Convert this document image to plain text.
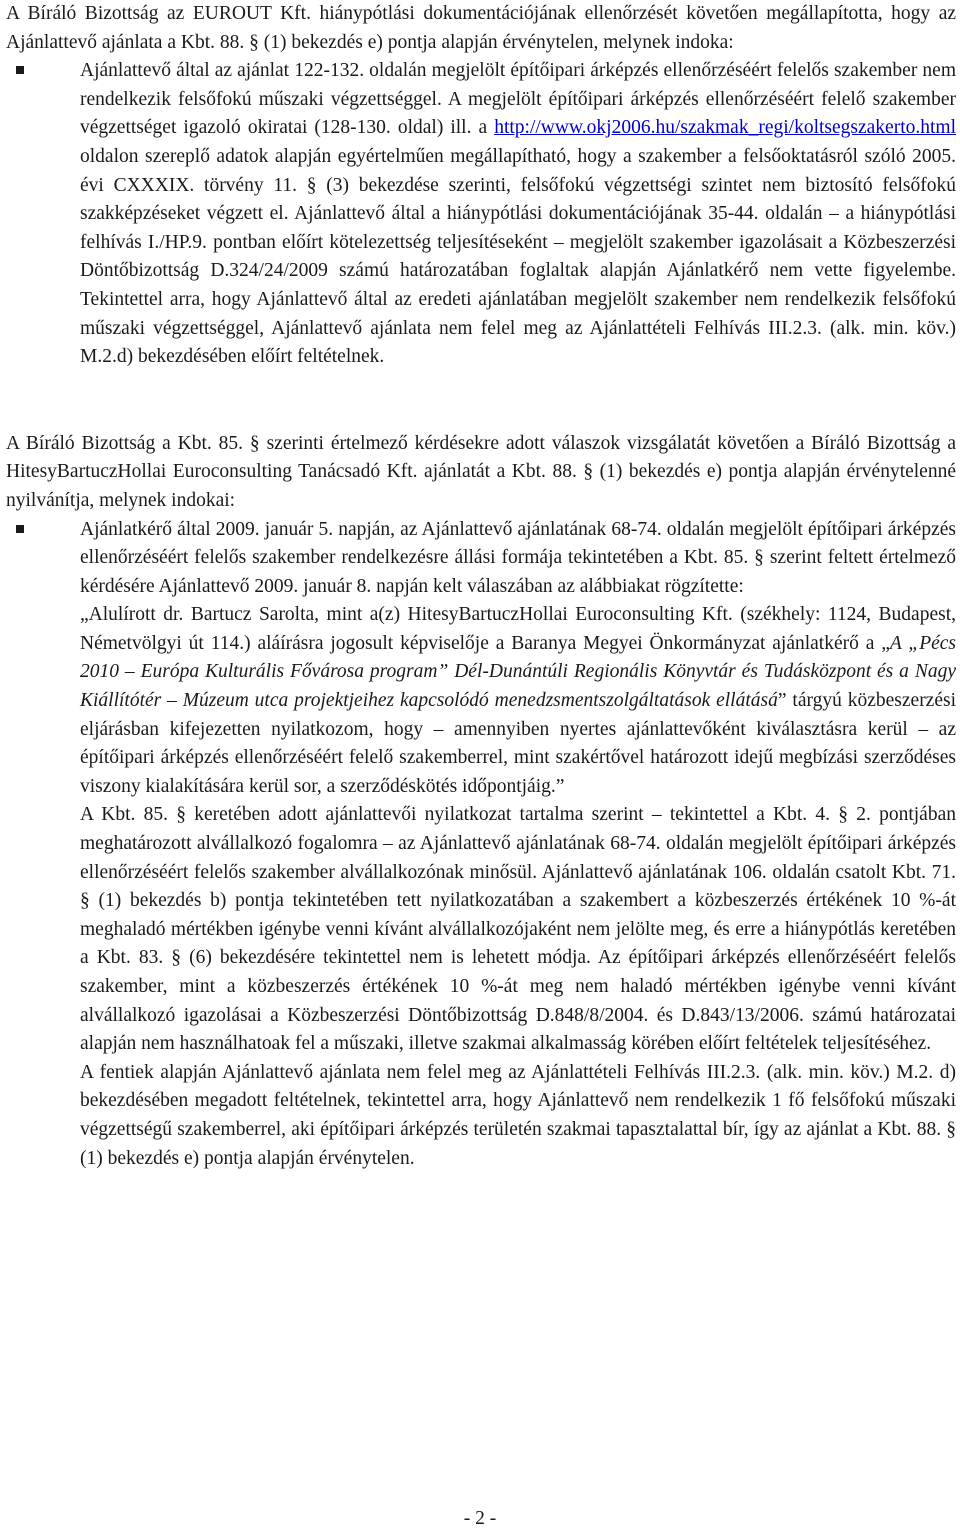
A Bíráló Bizottság az EUROUT Kft. hiánypótlási dokumentációjának ellenőrzését követően megállapította, hogy az Ajánlattevő ajánlata a Kbt. 88. § (1) bekezdés e) pontja alapján érvénytelen, melynek indoka:

Ajánlattevő által az ajánlat 122-132. oldalán megjelölt építőipari árképzés ellenőrzéséért felelős szakember nem rendelkezik felsőfokú műszaki végzettséggel. A megjelölt építőipari árképzés ellenőrzéséért felelő szakember végzettséget igazoló okiratai (128-130. oldal) ill. a http://www.okj2006.hu/szakmak_regi/koltsegszakerto.html oldalon szereplő adatok alapján egyértelműen megállapítható, hogy a szakember a felsőoktatásról szóló 2005. évi CXXXIX. törvény 11. § (3) bekezdése szerinti, felsőfokú végzettségi szintet nem biztosító felsőfokú szakképzéseket végzett el. Ajánlattevő által a hiánypótlási dokumentációjának 35-44. oldalán – a hiánypótlási felhívás I./HP.9. pontban előírt kötelezettség teljesítéseként – megjelölt szakember igazolásait a Közbeszerzési Döntőbizottság D.324/24/2009 számú határozatában foglaltak alapján Ajánlatkérő nem vette figyelembe. Tekintettel arra, hogy Ajánlattevő által az eredeti ajánlatában megjelölt szakember nem rendelkezik felsőfokú műszaki végzettséggel, Ajánlattevő ajánlata nem felel meg az Ajánlattételi Felhívás III.2.3. (alk. min. köv.) M.2.d) bekezdésében előírt feltételnek.

A Bíráló Bizottság a Kbt. 85. § szerinti értelmező kérdésekre adott válaszok vizsgálatát követően a Bíráló Bizottság a HitesyBartuczHollai Euroconsulting Tanácsadó Kft. ajánlatát a Kbt. 88. § (1) bekezdés e) pontja alapján érvénytelenné nyilvánítja, melynek indokai:

Ajánlatkérő által 2009. január 5. napján, az Ajánlattevő ajánlatának 68-74. oldalán megjelölt építőipari árképzés ellenőrzéséért felelős szakember rendelkezésre állási formája tekintetében a Kbt. 85. § szerint feltett értelmező kérdésére Ajánlattevő 2009. január 8. napján kelt válaszában az alábbiakat rögzítette:

„Alulírott dr. Bartucz Sarolta, mint a(z) HitesyBartuczHollai Euroconsulting Kft. (székhely: 1124, Budapest, Németvölgyi út 114.) aláírásra jogosult képviselője a Baranya Megyei Önkormányzat ajánlatkérő a „A „Pécs 2010 – Európa Kulturális Fővárosa program” Dél-Dunántúli Regionális Könyvtár és Tudásközpont és a Nagy Kiállítótér – Múzeum utca projektjeihez kapcsolódó menedzsmentszolgáltatások ellátásá” tárgyú közbeszerzési eljárásban kifejezetten nyilatkozom, hogy – amennyiben nyertes ajánlattevőként kiválasztásra kerül – az építőipari árképzés ellenőrzéséért felelő szakemberrel, mint szakértővel határozott idejű megbízási szerződéses viszony kialakítására kerül sor, a szerződéskötés időpontjáig.”

A Kbt. 85. § keretében adott ajánlattevői nyilatkozat tartalma szerint – tekintettel a Kbt. 4. § 2. pontjában meghatározott alvállalkozó fogalomra – az Ajánlattevő ajánlatának 68-74. oldalán megjelölt építőipari árképzés ellenőrzéséért felelős szakember alvállalkozónak minősül. Ajánlattevő ajánlatának 106. oldalán csatolt Kbt. 71. § (1) bekezdés b) pontja tekintetében tett nyilatkozatában a szakembert a közbeszerzés értékének 10 %-át meghaladó mértékben igénybe venni kívánt alvállalkozójaként nem jelölte meg, és erre a hiánypótlás keretében a Kbt. 83. § (6) bekezdésére tekintettel nem is lehetett módja. Az építőipari árképzés ellenőrzéséért felelős szakember, mint a közbeszerzés értékének 10 %-át meg nem haladó mértékben igénybe venni kívánt alvállalkozó igazolásai a Közbeszerzési Döntőbizottság D.848/8/2004. és D.843/13/2006. számú határozatai alapján nem használhatoak fel a műszaki, illetve szakmai alkalmasság körében előírt feltételek teljesítéséhez.

A fentiek alapján Ajánlattevő ajánlata nem felel meg az Ajánlattételi Felhívás III.2.3. (alk. min. köv.) M.2. d) bekezdésében megadott feltételnek, tekintettel arra, hogy Ajánlattevő nem rendelkezik 1 fő felsőfokú műszaki végzettségű szakemberrel, aki építőipari árképzés területén szakmai tapasztalattal bír, így az ajánlat a Kbt. 88. § (1) bekezdés e) pontja alapján érvénytelen.

- 2 -
